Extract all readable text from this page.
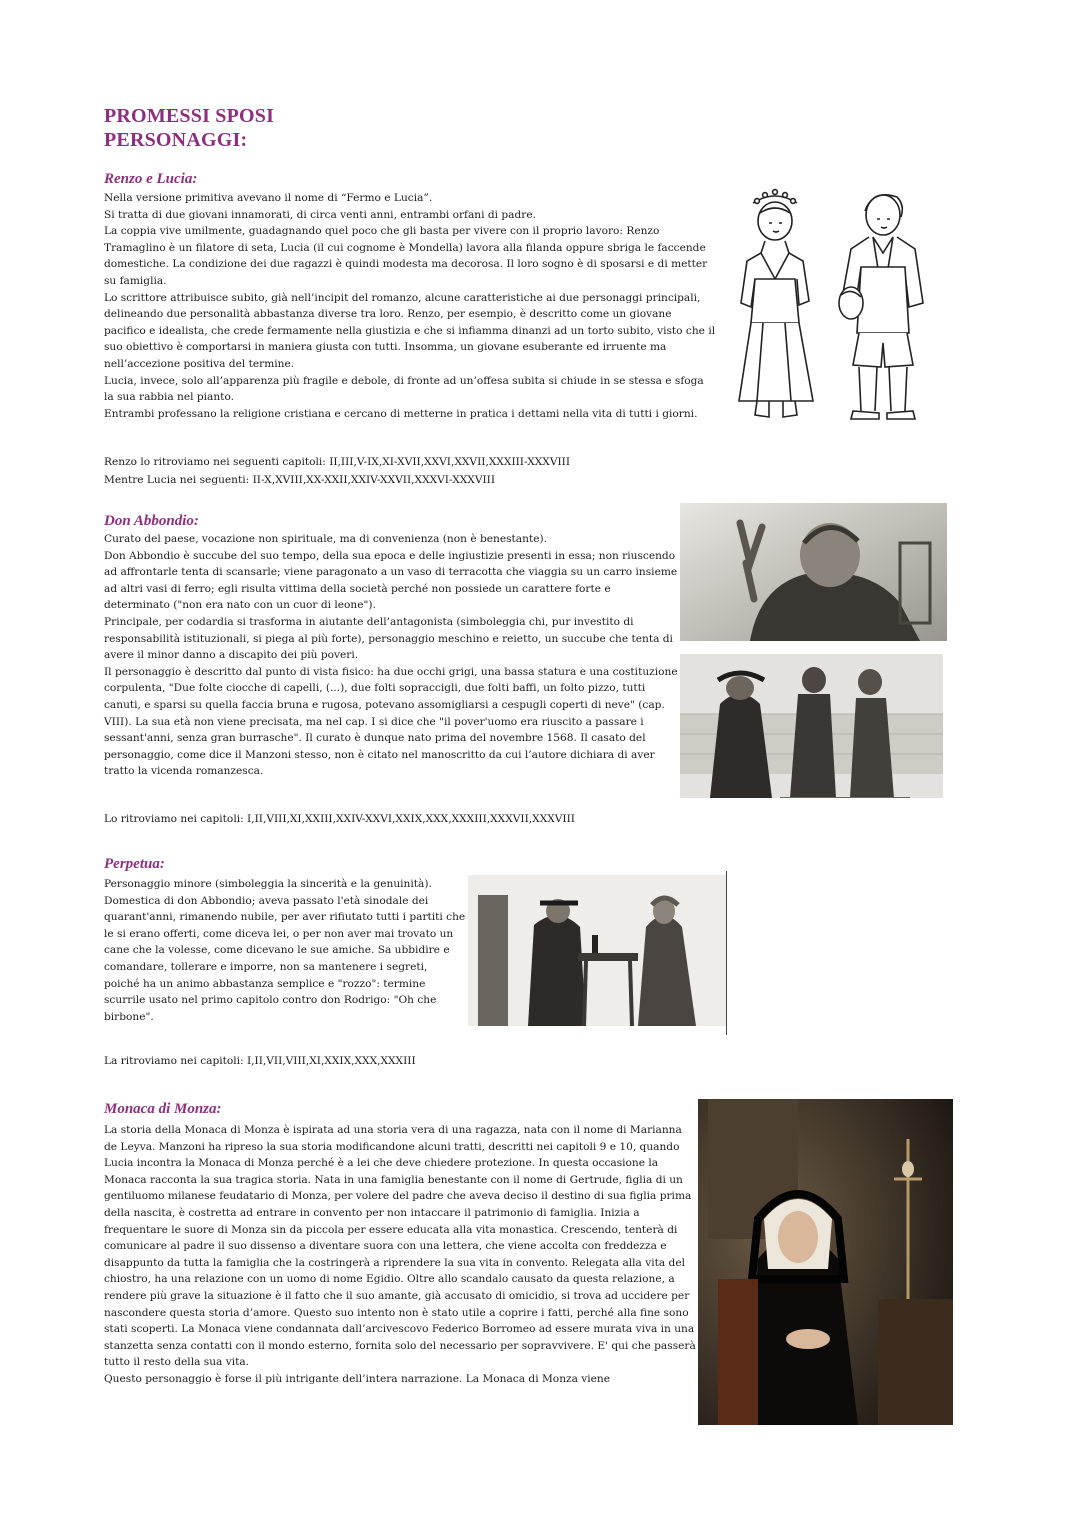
PROMESSI SPOSI
PERSONAGGI:
Renzo e Lucia:

Nella versione primitiva avevano il nome di “Fermo e Lucia”.

Si tratta di due giovani innamorati, di circa venti anni, entrambi orfani di padre.

La coppia vive umilmente, guadagnando quel poco che gli basta per vivere con il proprio lavoro: Renzo Tramaglino è un filatore di seta, Lucia (il cui cognome è Mondella) lavora alla filanda oppure sbriga le faccende domestiche. La condizione dei due ragazzi è quindi modesta ma decorosa. Il loro sogno è di sposarsi e di metter su famiglia.

Lo scrittore attribuisce subito, già nell’incipit del romanzo, alcune caratteristiche ai due personaggi principali, delineando due personalità abbastanza diverse tra loro. Renzo, per esempio, è descritto come un giovane pacifico e idealista, che crede fermamente nella giustizia e che si infiamma dinanzi ad un torto subito, visto che il suo obiettivo è comportarsi in maniera giusta con tutti. Insomma, un giovane esuberante ed irruente ma nell’accezione positiva del termine.

Lucia, invece, solo all’apparenza più fragile e debole, di fronte ad un’offesa subita si chiude in se stessa e sfoga la sua rabbia nel pianto.

Entrambi professano la religione cristiana e cercano di metterne in pratica i dettami nella vita di tutti i giorni.

Renzo lo ritroviamo nei seguenti capitoli: II,III,V-IX,XI-XVII,XXVI,XXVII,XXXIII-XXXVIII
Mentre Lucia nei seguenti: II-X,XVIII,XX-XXII,XXIV-XXVII,XXXVI-XXXVIII
Don Abbondio:

Curato del paese, vocazione non spirituale, ma di convenienza (non è benestante).

Don Abbondio è succube del suo tempo, della sua epoca e delle ingiustizie presenti in essa; non riuscendo ad affrontarle tenta di scansarle; viene paragonato a un vaso di terracotta che viaggia su un carro insieme ad altri vasi di ferro; egli risulta vittima della società perché non possiede un carattere forte e determinato ("non era nato con un cuor di leone").

Principale, per codardia si trasforma in aiutante dell’antagonista (simboleggia chi, pur investito di responsabilità istituzionali, si piega al più forte), personaggio meschino e reietto, un succube che tenta di avere il minor danno a discapito dei più poveri.

Il personaggio è descritto dal punto di vista fisico: ha due occhi grigi, una bassa statura e una costituzione corpulenta, "Due folte ciocche di capelli, (...), due folti sopraccigli, due folti baffi, un folto pizzo, tutti canuti, e sparsi su quella faccia bruna e rugosa, potevano assomigliarsi a cespugli coperti di neve" (cap. VIII). La sua età non viene precisata, ma nel cap. I si dice che "il pover'uomo era riuscito a passare i sessant'anni, senza gran burrasche". Il curato è dunque nato prima del novembre 1568. Il casato del personaggio, come dice il Manzoni stesso, non è citato nel manoscritto da cui l’autore dichiara di aver tratto la vicenda romanzesca.

Lo ritroviamo nei capitoli: I,II,VIII,XI,XXIII,XXIV-XXVI,XXIX,XXX,XXXIII,XXXVII,XXXVIII
Perpetua:

Personaggio minore (simboleggia la sincerità e la genuinità).

Domestica di don Abbondio; aveva passato l'età sinodale dei quarant'anni, rimanendo nubile, per aver rifiutato tutti i partiti che le si erano offerti, come diceva lei, o per non aver mai trovato un cane che la volesse, come dicevano le sue amiche. Sa ubbidire e comandare, tollerare e imporre, non sa mantenere i segreti, poiché ha un animo abbastanza semplice e "rozzo": termine scurrile usato nel primo capitolo contro don Rodrigo: "Oh che birbone".

La ritroviamo nei capitoli: I,II,VII,VIII,XI,XXIX,XXX,XXXIII
Monaca di Monza:

La storia della Monaca di Monza è ispirata ad una storia vera di una ragazza, nata con il nome di Marianna de Leyva. Manzoni ha ripreso la sua storia modificandone alcuni tratti, descritti nei capitoli 9 e 10, quando Lucia incontra la Monaca di Monza perché è a lei che deve chiedere protezione. In questa occasione la Monaca racconta la sua tragica storia. Nata in una famiglia benestante con il nome di Gertrude, figlia di un gentiluomo milanese feudatario di Monza, per volere del padre che aveva deciso il destino di sua figlia prima della nascita, è costretta ad entrare in convento per non intaccare il patrimonio di famiglia. Inizia a frequentare le suore di Monza sin da piccola per essere educata alla vita monastica. Crescendo, tenterà di comunicare al padre il suo dissenso a diventare suora con una lettera, che viene accolta con freddezza e disappunto da tutta la famiglia che la costringerà a riprendere la sua vita in convento. Relegata alla vita del chiostro, ha una relazione con un uomo di nome Egidio. Oltre allo scandalo causato da questa relazione, a rendere più grave la situazione è il fatto che il suo amante, già accusato di omicidio, si trova ad uccidere per nascondere questa storia d’amore. Questo suo intento non è stato utile a coprire i fatti, perché alla fine sono stati scoperti. La Monaca viene condannata dall’arcivescovo Federico Borromeo ad essere murata viva in una stanzetta senza contatti con il mondo esterno, fornita solo del necessario per sopravvivere. E' qui che passerà tutto il resto della sua vita.

Questo personaggio è forse il più intrigante dell’intera narrazione. La Monaca di Monza viene
